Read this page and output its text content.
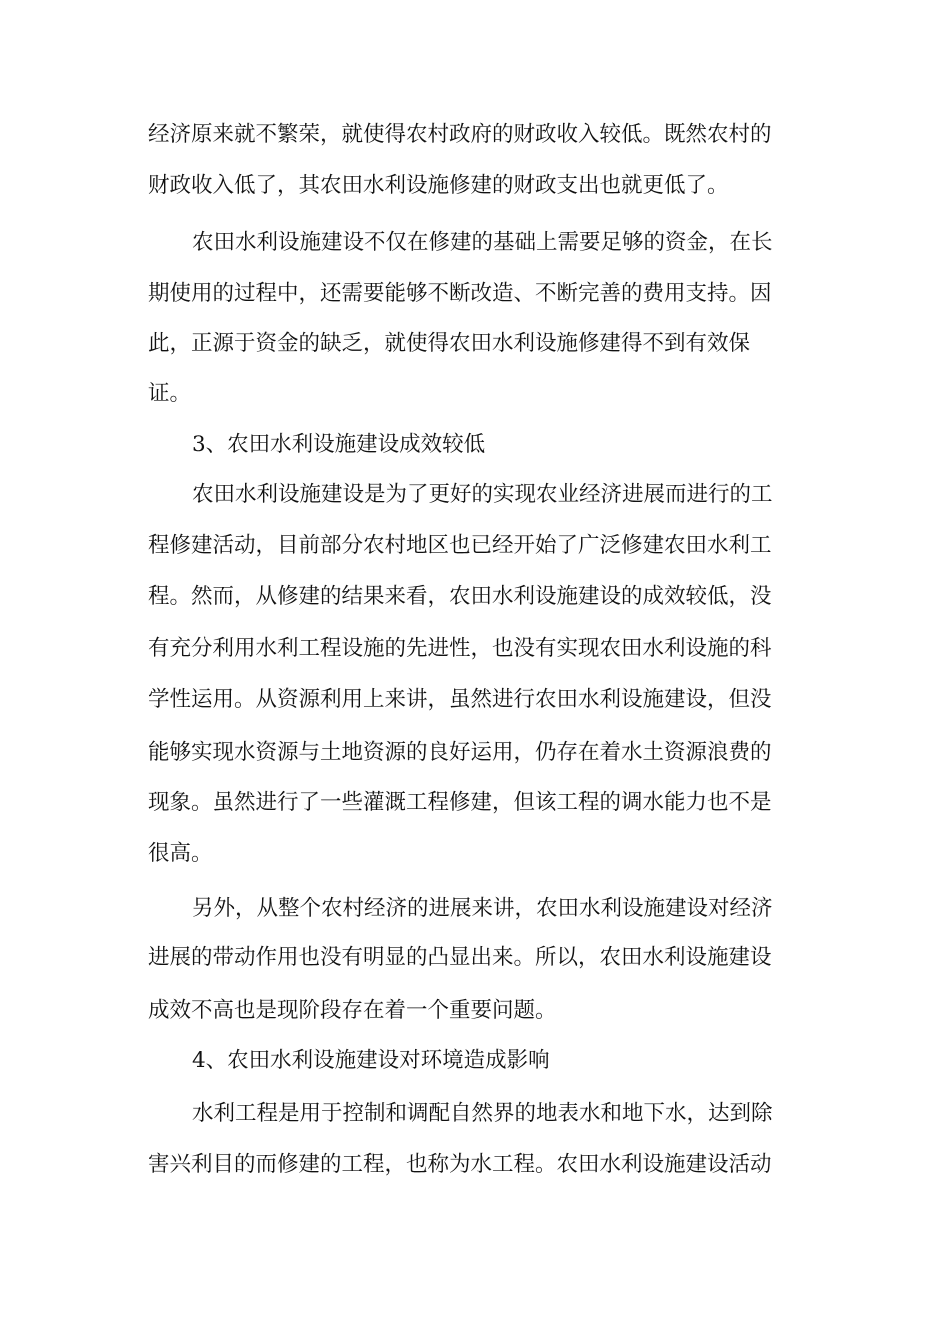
经济原来就不繁荣，就使得农村政府的财政收入较低。既然农村的

财政收入低了，其农田水利设施修建的财政支出也就更低了。

农田水利设施建设不仅在修建的基础上需要足够的资金，在长

期使用的过程中，还需要能够不断改造、不断完善的费用支持。因

此，正源于资金的缺乏，就使得农田水利设施修建得不到有效保

证。

3、农田水利设施建设成效较低

农田水利设施建设是为了更好的实现农业经济进展而进行的工

程修建活动，目前部分农村地区也已经开始了广泛修建农田水利工

程。然而，从修建的结果来看，农田水利设施建设的成效较低，没

有充分利用水利工程设施的先进性，也没有实现农田水利设施的科

学性运用。从资源利用上来讲，虽然进行农田水利设施建设，但没

能够实现水资源与土地资源的良好运用，仍存在着水土资源浪费的

现象。虽然进行了一些灌溉工程修建，但该工程的调水能力也不是

很高。

另外，从整个农村经济的进展来讲，农田水利设施建设对经济

进展的带动作用也没有明显的凸显出来。所以，农田水利设施建设

成效不高也是现阶段存在着一个重要问题。

4、农田水利设施建设对环境造成影响

水利工程是用于控制和调配自然界的地表水和地下水，达到除

害兴利目的而修建的工程，也称为水工程。农田水利设施建设活动
